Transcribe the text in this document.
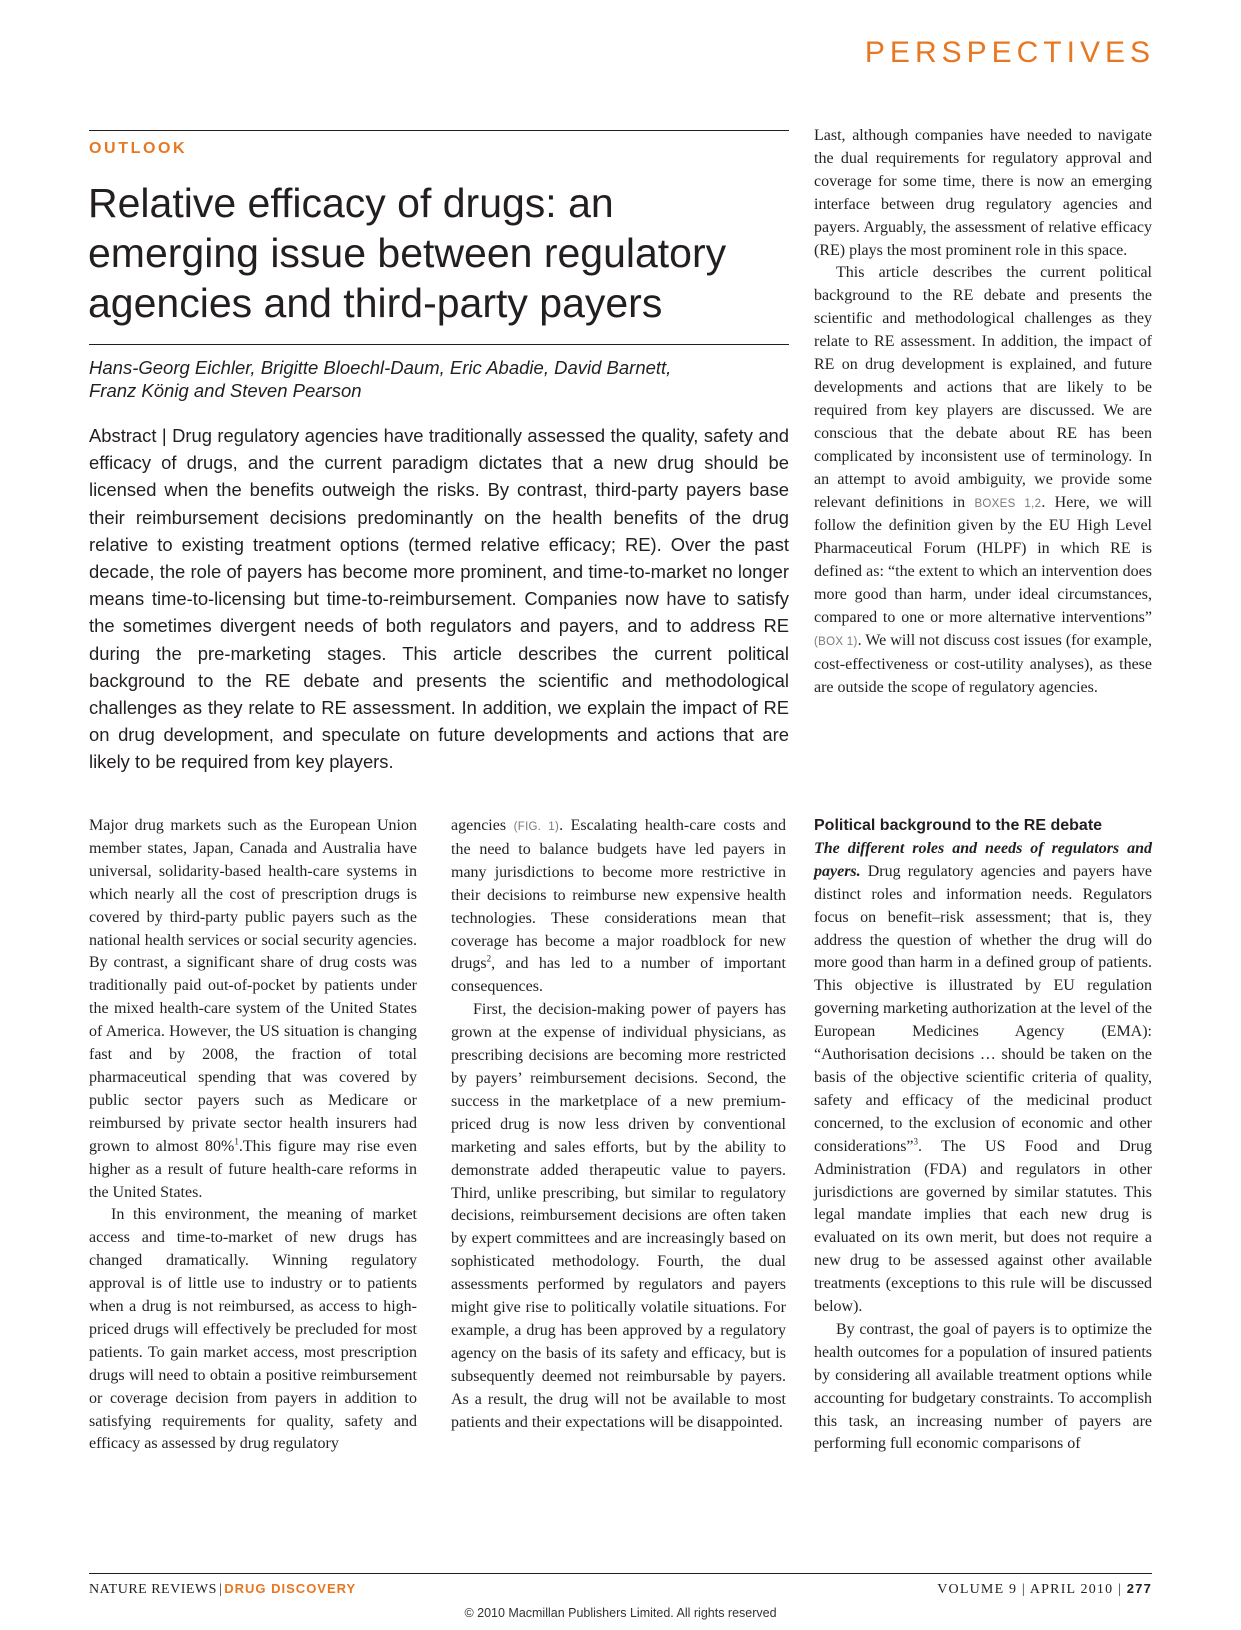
PERSPECTIVES
OUTLOOK
Relative efficacy of drugs: an emerging issue between regulatory agencies and third-party payers
Hans-Georg Eichler, Brigitte Bloechl-Daum, Eric Abadie, David Barnett,
Franz König and Steven Pearson

Abstract | Drug regulatory agencies have traditionally assessed the quality, safety and efficacy of drugs, and the current paradigm dictates that a new drug should be licensed when the benefits outweigh the risks. By contrast, third-party payers base their reimbursement decisions predominantly on the health benefits of the drug relative to existing treatment options (termed relative efficacy; RE). Over the past decade, the role of payers has become more prominent, and time-to-market no longer means time-to-licensing but time-to-reimbursement. Companies now have to satisfy the sometimes divergent needs of both regulators and payers, and to address RE during the pre-marketing stages. This article describes the current political background to the RE debate and presents the scientific and methodological challenges as they relate to RE assessment. In addition, we explain the impact of RE on drug development, and speculate on future developments and actions that are likely to be required from key players.

Major drug markets such as the European Union member states, Japan, Canada and Australia have universal, solidarity-based health-care systems in which nearly all the cost of prescription drugs is covered by third-party public payers such as the national health services or social security agencies. By contrast, a significant share of drug costs was traditionally paid out-of-pocket by patients under the mixed health-care system of the United States of America. However, the US situation is changing fast and by 2008, the fraction of total pharmaceutical spending that was covered by public sector payers such as Medicare or reimbursed by private sector health insurers had grown to almost 80%$^1$.This figure may rise even higher as a result of future health-care reforms in the United States.

In this environment, the meaning of market access and time-to-market of new drugs has changed dramatically. Winning regulatory approval is of little use to industry or to patients when a drug is not reimbursed, as access to high-priced drugs will effectively be precluded for most patients. To gain market access, most prescription drugs will need to obtain a positive reimbursement or coverage decision from payers in addition to satisfying requirements for quality, safety and efficacy as assessed by drug regulatory

agencies (FIG. 1). Escalating health-care costs and the need to balance budgets have led payers in many jurisdictions to become more restrictive in their decisions to reimburse new expensive health technologies. These considerations mean that coverage has become a major roadblock for new drugs$^2$, and has led to a number of important consequences.

First, the decision-making power of payers has grown at the expense of individual physicians, as prescribing decisions are becoming more restricted by payers’ reimbursement decisions. Second, the success in the marketplace of a new premium-priced drug is now less driven by conventional marketing and sales efforts, but by the ability to demonstrate added therapeutic value to payers. Third, unlike prescribing, but similar to regulatory decisions, reimbursement decisions are often taken by expert committees and are increasingly based on sophisticated methodology. Fourth, the dual assessments performed by regulators and payers might give rise to politically volatile situations. For example, a drug has been approved by a regulatory agency on the basis of its safety and efficacy, but is subsequently deemed not reimbursable by payers. As a result, the drug will not be available to most patients and their expectations will be disappointed.

Last, although companies have needed to navigate the dual requirements for regulatory approval and coverage for some time, there is now an emerging interface between drug regulatory agencies and payers. Arguably, the assessment of relative efficacy (RE) plays the most prominent role in this space.

This article describes the current political background to the RE debate and presents the scientific and methodological challenges as they relate to RE assessment. In addition, the impact of RE on drug development is explained, and future developments and actions that are likely to be required from key players are discussed. We are conscious that the debate about RE has been complicated by inconsistent use of terminology. In an attempt to avoid ambiguity, we provide some relevant definitions in BOXES 1,2. Here, we will follow the definition given by the EU High Level Pharmaceutical Forum (HLPF) in which RE is defined as: “the extent to which an intervention does more good than harm, under ideal circumstances, compared to one or more alternative interventions” (BOX 1). We will not discuss cost issues (for example, cost-effectiveness or cost-utility analyses), as these are outside the scope of regulatory agencies.

Political background to the RE debate

The different roles and needs of regulators and payers. Drug regulatory agencies and payers have distinct roles and information needs. Regulators focus on benefit–risk assessment; that is, they address the question of whether the drug will do more good than harm in a defined group of patients. This objective is illustrated by EU regulation governing marketing authorization at the level of the European Medicines Agency (EMA): “Authorisation decisions … should be taken on the basis of the objective scientific criteria of quality, safety and efficacy of the medicinal product concerned, to the exclusion of economic and other considerations”$^3$. The US Food and Drug Administration (FDA) and regulators in other jurisdictions are governed by similar statutes. This legal mandate implies that each new drug is evaluated on its own merit, but does not require a new drug to be assessed against other available treatments (exceptions to this rule will be discussed below).

By contrast, the goal of payers is to optimize the health outcomes for a population of insured patients by considering all available treatment options while accounting for budgetary constraints. To accomplish this task, an increasing number of payers are performing full economic comparisons of

NATURE REVIEWS | DRUG DISCOVERY	VOLUME 9 | APRIL 2010 | 277
© 2010 Macmillan Publishers Limited. All rights reserved
